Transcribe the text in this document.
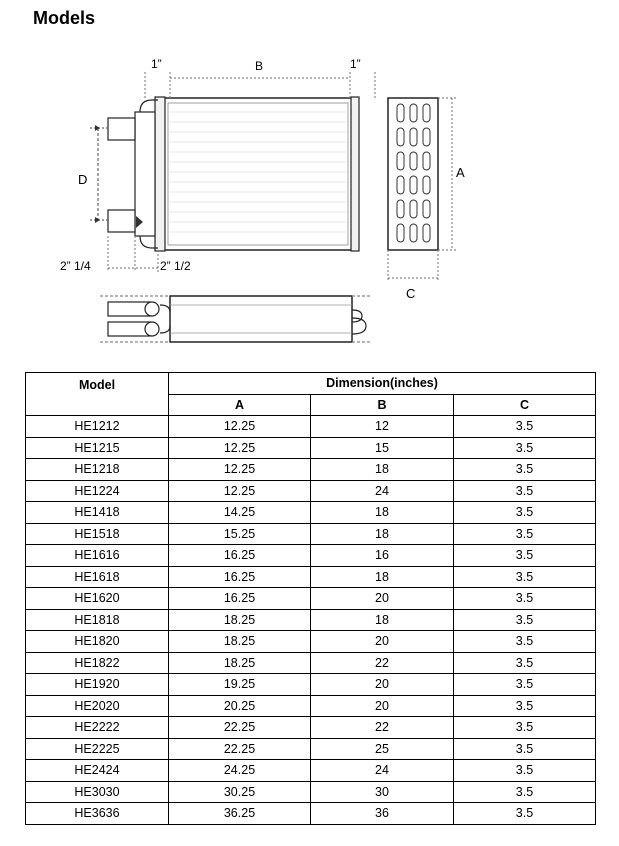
Models
1”	B	1”
D	A
2” 1/4	2” 1/2
C
Model	Dimension(inches)		
	A	B	C
HE1212	12.25	12	3.5
HE1215	12.25	15	3.5
HE1218	12.25	18	3.5
HE1224	12.25	24	3.5
HE1418	14.25	18	3.5
HE1518	15.25	18	3.5
HE1616	16.25	16	3.5
HE1618	16.25	18	3.5
HE1620	16.25	20	3.5
HE1818	18.25	18	3.5
HE1820	18.25	20	3.5
HE1822	18.25	22	3.5
HE1920	19.25	20	3.5
HE2020	20.25	20	3.5
HE2222	22.25	22	3.5
HE2225	22.25	25	3.5
HE2424	24.25	24	3.5
HE3030	30.25	30	3.5
HE3636	36.25	36	3.5
